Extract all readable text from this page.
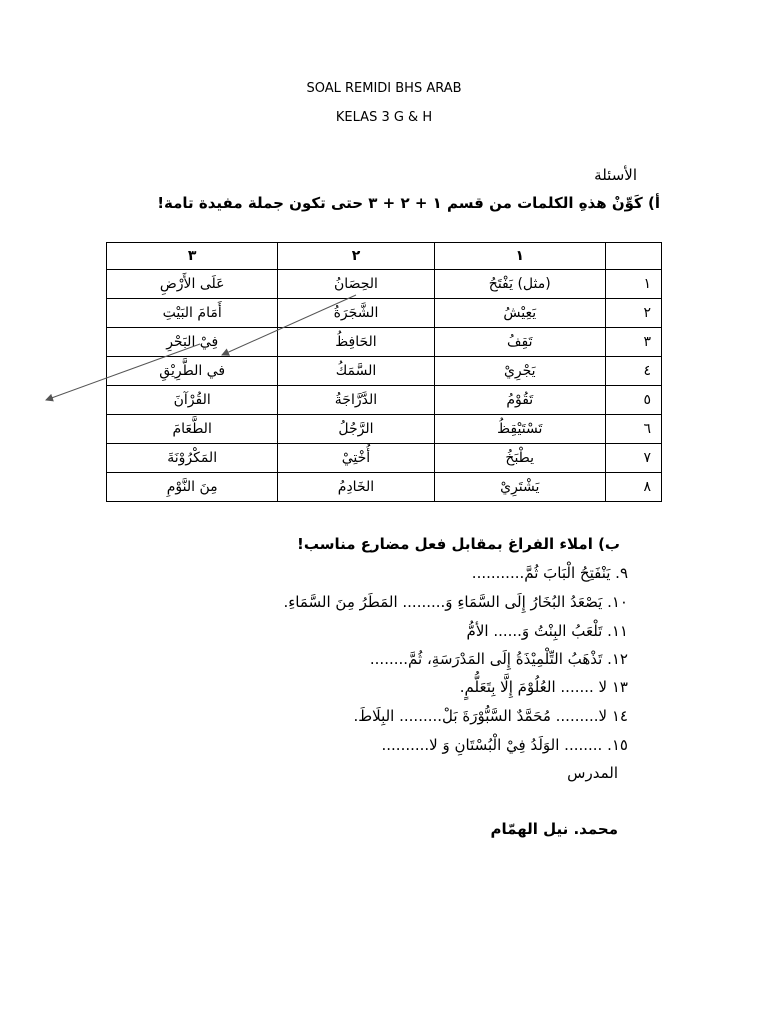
SOAL REMIDI BHS ARAB
KELAS 3 G & H
الأسئلة
أ) كَوِّنْ هذهِ الكلمات من قسم ١ + ٢ + ٣ حتى تكون جملة مفيدة تامة!
	١	٢	٣
١	(مثل) يَفْتَحُ	الحِصَانُ	عَلَى الأَرْضِ
٢	يَعِيْشُ	الشَّجَرَةُ	أَمَامَ البَيْتِ
٣	تَقِفُ	الحَافِظُ	فِيْ البَحْرِ
٤	يَجْرِيْ	السَّمَكُ	في الطَّرِيْقِ
٥	تَقُوْمُ	الدَّرَّاجَةُ	القُرْآنَ
٦	تَسْتَيْقِظُ	الرَّجُلُ	الطَّعَامَ
٧	يطْبَخُ	أُخْتِيْ	المَكْرُوْنَةَ
٨	يَشْتَرِيْ	الخَادِمُ	مِنَ النَّوْمِ
ب) املاء الفراغ بمقابل فعل مضارع مناسب!
٩. يَنْفَتِحُ الْبَابَ ثُمَّ...........
١٠. يَصْعَدُ البُخَارُ إِلَى السَّمَاءِ وَ......... المَطَرُ مِنَ السَّمَاءِ.
١١. تَلْعَبُ البِنْتُ وَ...... الأمُّ
١٢. تَذْهَبُ التِّلْمِيْذَةُ إِلَى المَدْرَسَةِ، ثُمَّ........
١٣ لا ....... العُلُوْمَ إِلَّا بِتَعَلُّمٍ.
١٤ لا......... مُحَمَّدٌ السَّبُّوْرَةَ بَلْ......... البِلَاطَ.
١٥. ........ الوَلَدُ فِيْ الْبُسْتَانِ وَ لا..........
المدرس
محمد. نيل الهمّام
